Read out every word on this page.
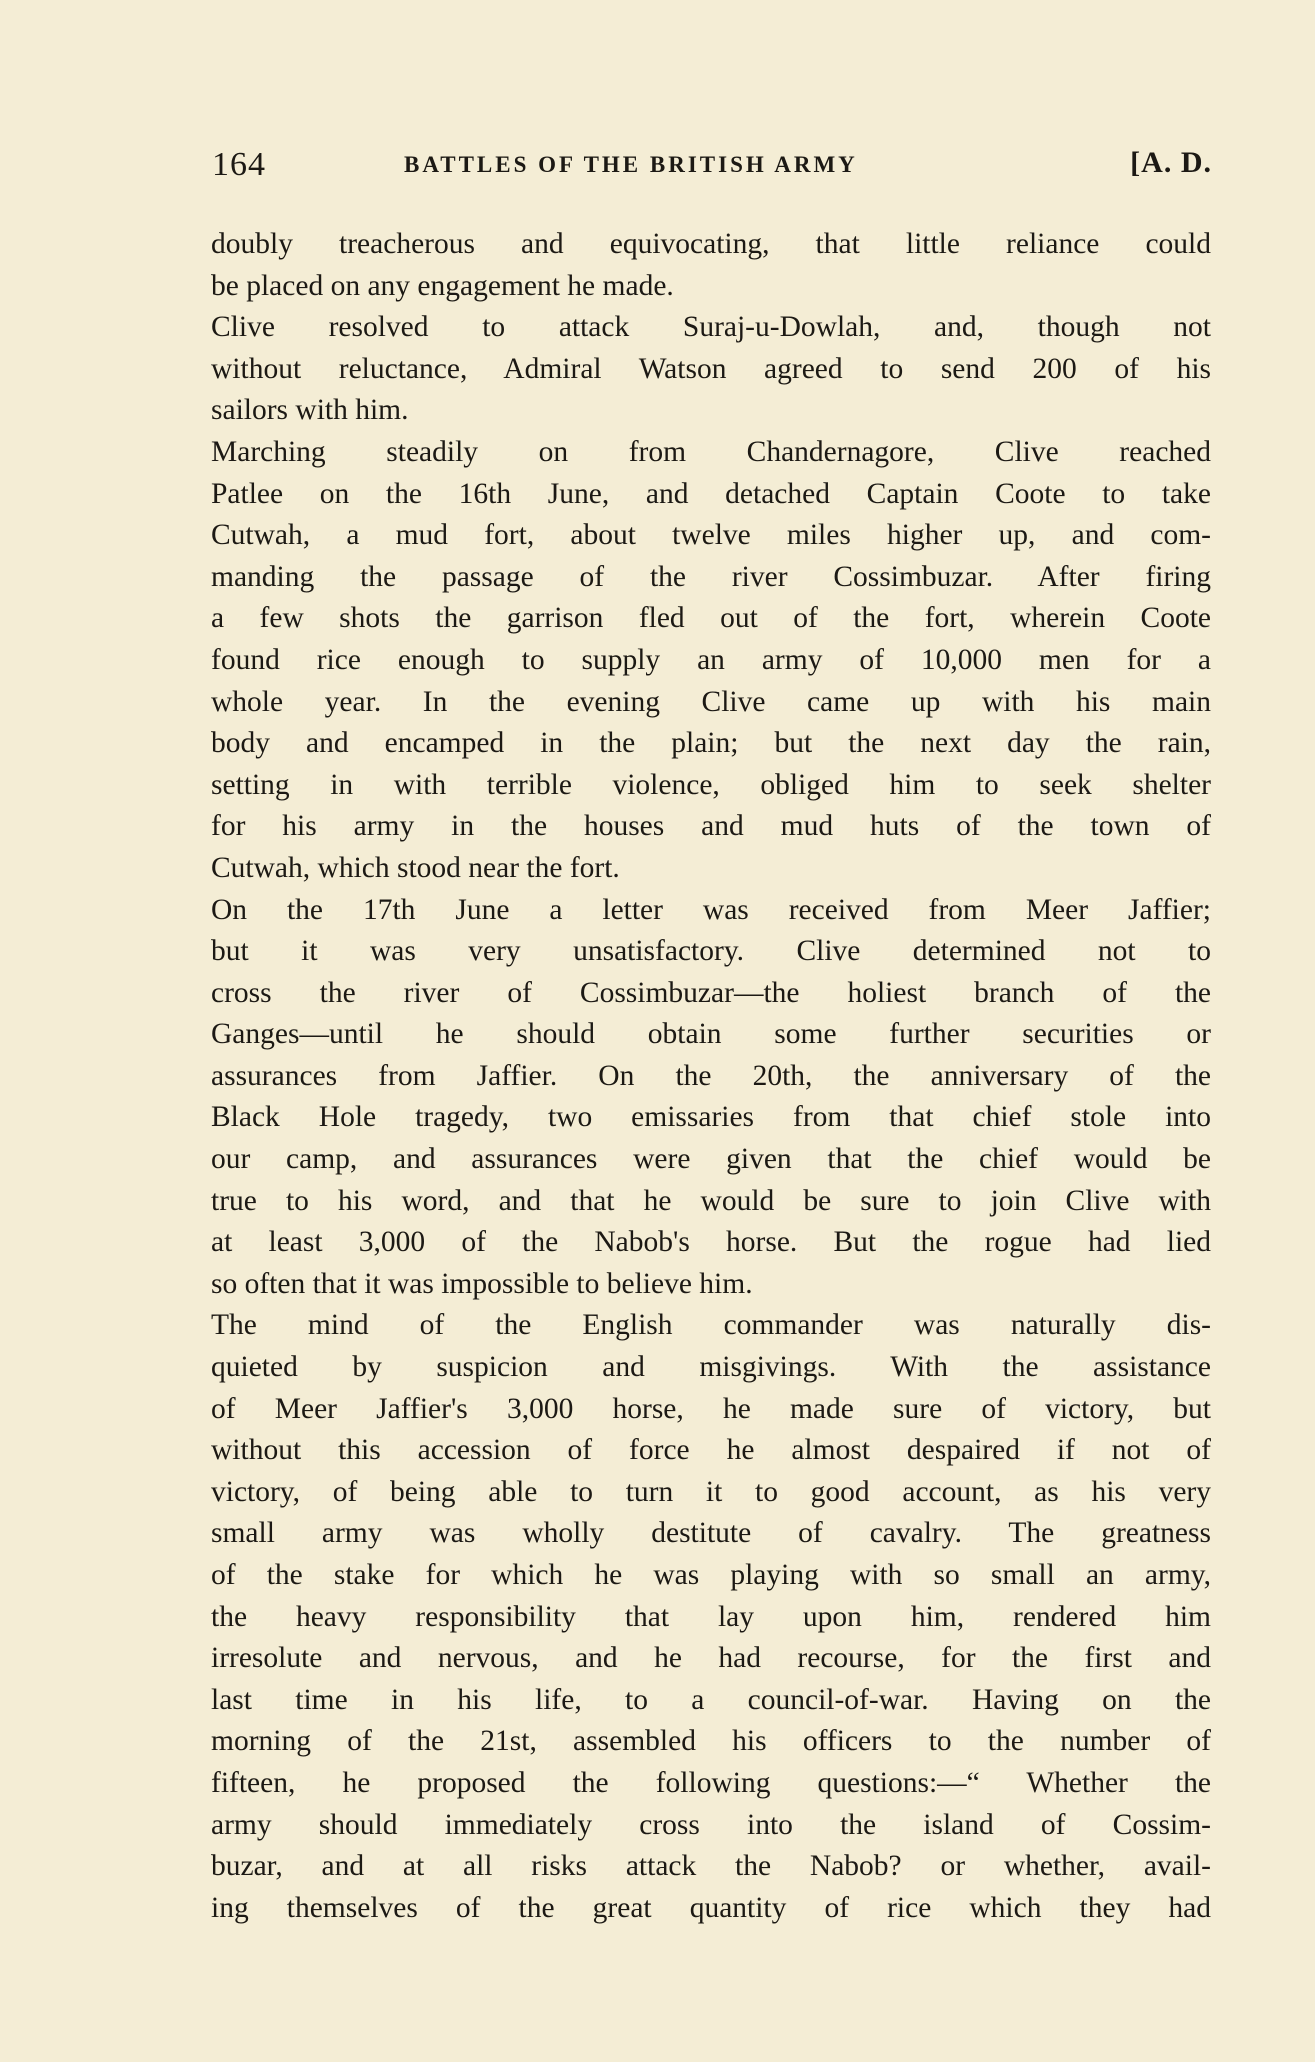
164	BATTLES OF THE BRITISH ARMY	[A. D.
doubly treacherous and equivocating, that little reliance could
be placed on any engagement he made.
Clive resolved to attack Suraj-u-Dowlah, and, though not
without reluctance, Admiral Watson agreed to send 200 of his
sailors with him.
Marching steadily on from Chandernagore, Clive reached
Patlee on the 16th June, and detached Captain Coote to take
Cutwah, a mud fort, about twelve miles higher up, and com-
manding the passage of the river Cossimbuzar. After firing
a few shots the garrison fled out of the fort, wherein Coote
found rice enough to supply an army of 10,000 men for a
whole year. In the evening Clive came up with his main
body and encamped in the plain; but the next day the rain,
setting in with terrible violence, obliged him to seek shelter
for his army in the houses and mud huts of the town of
Cutwah, which stood near the fort.
On the 17th June a letter was received from Meer Jaffier;
but it was very unsatisfactory. Clive determined not to
cross the river of Cossimbuzar—the holiest branch of the
Ganges—until he should obtain some further securities or
assurances from Jaffier. On the 20th, the anniversary of the
Black Hole tragedy, two emissaries from that chief stole into
our camp, and assurances were given that the chief would be
true to his word, and that he would be sure to join Clive with
at least 3,000 of the Nabob's horse. But the rogue had lied
so often that it was impossible to believe him.
The mind of the English commander was naturally dis-
quieted by suspicion and misgivings. With the assistance
of Meer Jaffier's 3,000 horse, he made sure of victory, but
without this accession of force he almost despaired if not of
victory, of being able to turn it to good account, as his very
small army was wholly destitute of cavalry. The greatness
of the stake for which he was playing with so small an army,
the heavy responsibility that lay upon him, rendered him
irresolute and nervous, and he had recourse, for the first and
last time in his life, to a council-of-war. Having on the
morning of the 21st, assembled his officers to the number of
fifteen, he proposed the following questions:—“ Whether the
army should immediately cross into the island of Cossim-
buzar, and at all risks attack the Nabob? or whether, avail-
ing themselves of the great quantity of rice which they had
